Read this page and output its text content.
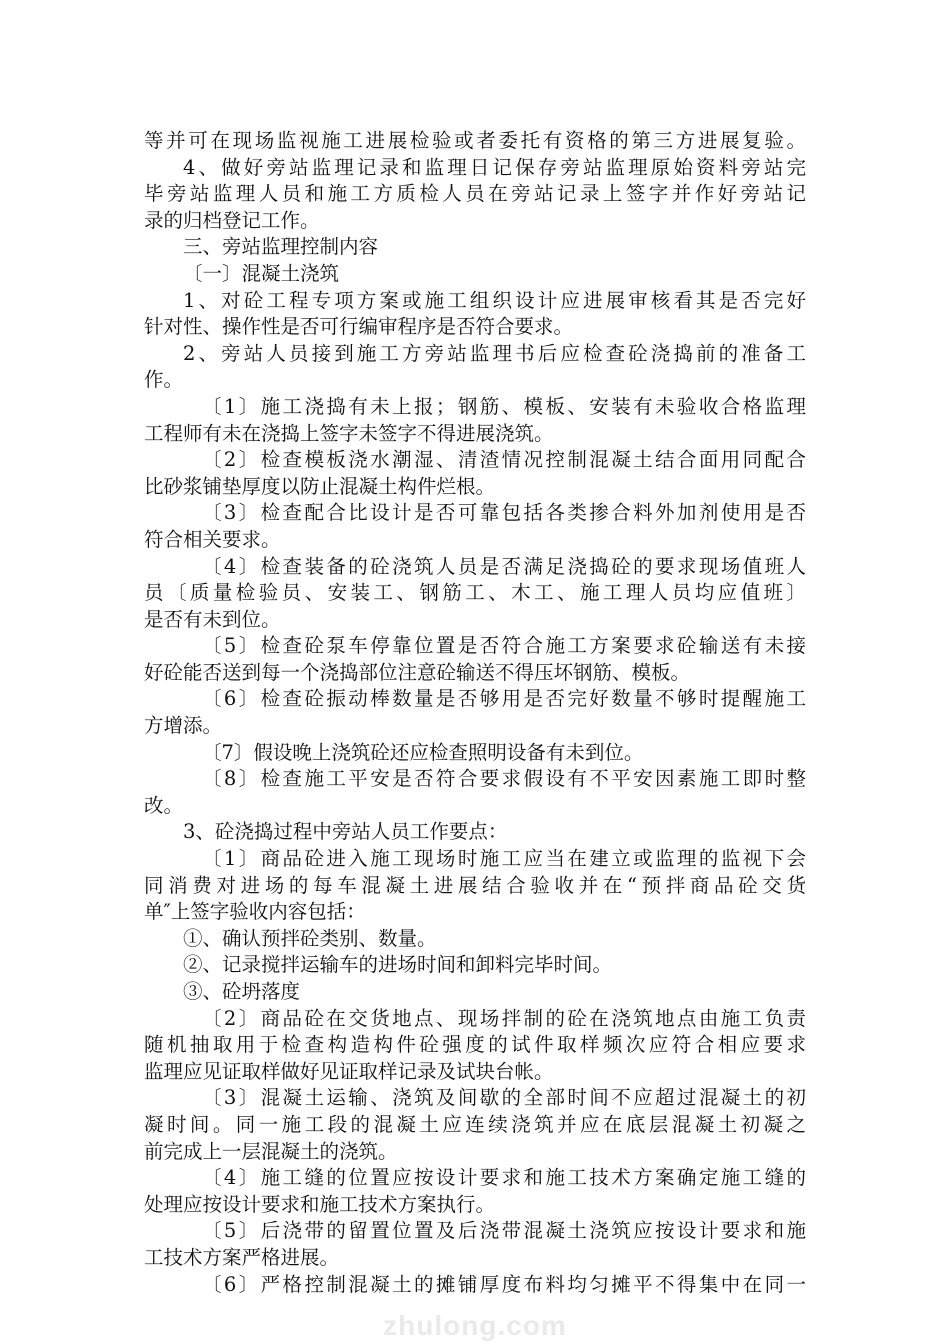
等并可在现场监视施工进展检验或者委托有资格的第三方进展复验。
4、做好旁站监理记录和监理日记保存旁站监理原始资料旁站完
毕旁站监理人员和施工方质检人员在旁站记录上签字并作好旁站记
录的归档登记工作。
三、旁站监理控制内容
〔一〕混凝土浇筑
1、对砼工程专项方案或施工组织设计应进展审核看其是否完好
针对性、操作性是否可行编审程序是否符合要求。
2、旁站人员接到施工方旁站监理书后应检查砼浇捣前的准备工
作。
〔1〕施工浇捣有未上报；钢筋、模板、安装有未验收合格监理
工程师有未在浇捣上签字未签字不得进展浇筑。
〔2〕检查模板浇水潮湿、清渣情况控制混凝土结合面用同配合
比砂浆铺垫厚度以防止混凝土构件烂根。
〔3〕检查配合比设计是否可靠包括各类掺合料外加剂使用是否
符合相关要求。
〔4〕检查装备的砼浇筑人员是否满足浇捣砼的要求现场值班人
员〔质量检验员、安装工、钢筋工、木工、施工理人员均应值班〕
是否有未到位。
〔5〕检查砼泵车停靠位置是否符合施工方案要求砼输送有未接
好砼能否送到每一个浇捣部位注意砼输送不得压坏钢筋、模板。
〔6〕检查砼振动棒数量是否够用是否完好数量不够时提醒施工
方增添。
〔7〕假设晚上浇筑砼还应检查照明设备有未到位。
〔8〕检查施工平安是否符合要求假设有不平安因素施工即时整
改。
3、砼浇捣过程中旁站人员工作要点：
〔1〕商品砼进入施工现场时施工应当在建立或监理的监视下会
同消费对进场的每车混凝土进展结合验收并在“预拌商品砼交货
单″上签字验收内容包括：
①、确认预拌砼类别、数量。
②、记录搅拌运输车的进场时间和卸料完毕时间。
③、砼坍落度
〔2〕商品砼在交货地点、现场拌制的砼在浇筑地点由施工负责
随机抽取用于检查构造构件砼强度的试件取样频次应符合相应要求
监理应见证取样做好见证取样记录及试块台帐。
〔3〕混凝土运输、浇筑及间歇的全部时间不应超过混凝土的初
凝时间。同一施工段的混凝土应连续浇筑并应在底层混凝土初凝之
前完成上一层混凝土的浇筑。
〔4〕施工缝的位置应按设计要求和施工技术方案确定施工缝的
处理应按设计要求和施工技术方案执行。
〔5〕后浇带的留置位置及后浇带混凝土浇筑应按设计要求和施
工技术方案严格进展。
〔6〕严格控制混凝土的摊铺厚度布料均匀摊平不得集中在同一
zhulong.com
